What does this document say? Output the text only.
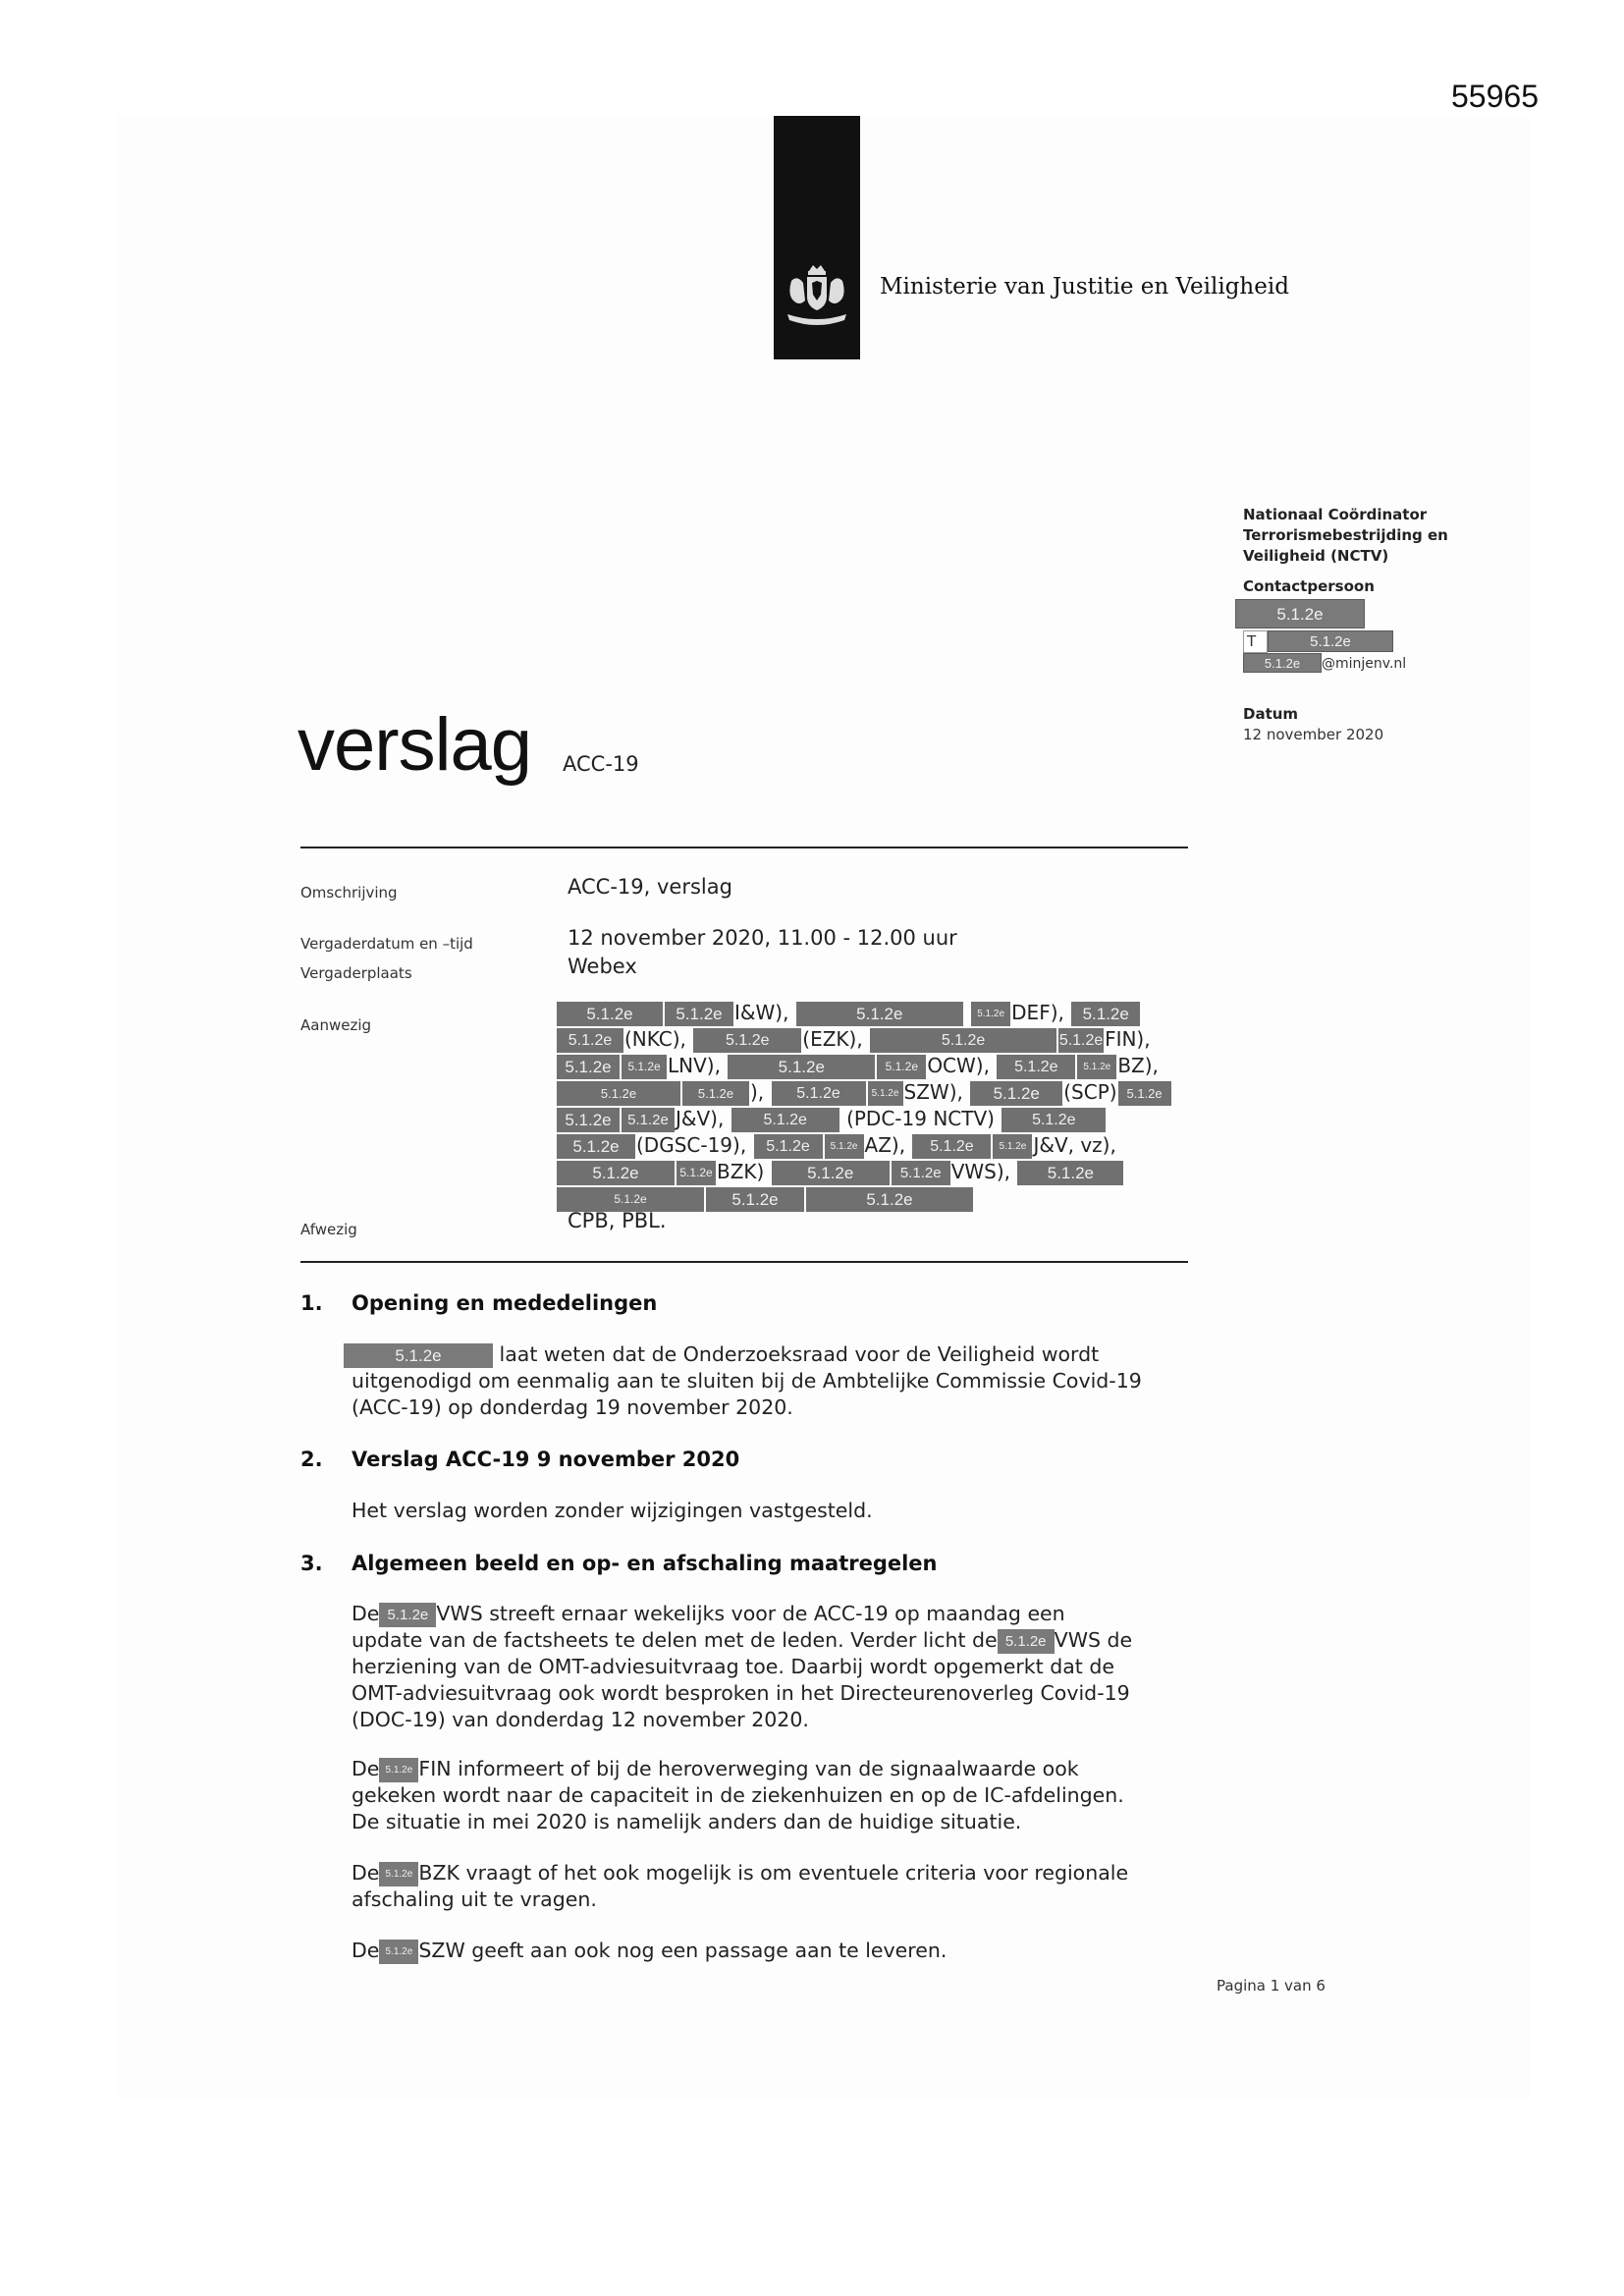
55965
Ministerie van Justitie en Veiligheid
Nationaal Coördinator
Terrorismebestrijding en
Veiligheid (NCTV)
Contactpersoon
5.1.2e
T	5.1.2e
5.1.2e @minjenv.nl
Datum
12 november 2020
verslag ACC-19
Omschrijving	ACC-19, verslag
Vergaderdatum en –tijd	12 november 2020, 11.00 - 12.00 uur
Vergaderplaats	Webex
Aanwezig
5.1.2e	5.1.2e I&W),	5.1.2e	5.1.2e DEF), 5.1.2e
5.1.2e (NKC),	5.1.2e (EZK),	5.1.2e	5.1.2eFIN),
5.1.2e 5.1.2e LNV),	5.1.2e	5.1.2e OCW), 5.1.2e	5.1.2e BZ),
5.1.2e	5.1.2e ), 5.1.2e	5.1.2e SZW), 5.1.2e (SCP) 5.1.2e
5.1.2e 5.1.2e J&V),	5.1.2e (PDC-19 NCTV) 5.1.2e
5.1.2e (DGSC-19), 5.1.2e 5.1.2e AZ), 5.1.2e	5.1.2e J&V, vz),
5.1.2e	5.1.2e BZK)	5.1.2e	5.1.2e VWS), 5.1.2e
5.1.2e	5.1.2e	5.1.2e
Afwezig	CPB, PBL.
1. Opening en mededelingen
5.1.2e	laat weten dat de Onderzoeksraad voor de Veiligheid wordt
uitgenodigd om eenmalig aan te sluiten bij de Ambtelijke Commissie Covid-19
(ACC-19) op donderdag 19 november 2020.
2. Verslag ACC-19 9 november 2020
Het verslag worden zonder wijzigingen vastgesteld.
3. Algemeen beeld en op- en afschaling maatregelen
De 5.1.2e VWS streeft ernaar wekelijks voor de ACC-19 op maandag een
update van de factsheets te delen met de leden. Verder licht de 5.1.2e VWS de
herziening van de OMT-adviesuitvraag toe. Daarbij wordt opgemerkt dat de
OMT-adviesuitvraag ook wordt besproken in het Directeurenoverleg Covid-19
(DOC-19) van donderdag 12 november 2020.
De 5.1.2e FIN informeert of bij de heroverweging van de signaalwaarde ook
gekeken wordt naar de capaciteit in de ziekenhuizen en op de IC-afdelingen.
De situatie in mei 2020 is namelijk anders dan de huidige situatie.
De 5.1.2e BZK vraagt of het ook mogelijk is om eventuele criteria voor regionale
afschaling uit te vragen.
De 5.1.2e SZW geeft aan ook nog een passage aan te leveren.
Pagina 1 van 6
